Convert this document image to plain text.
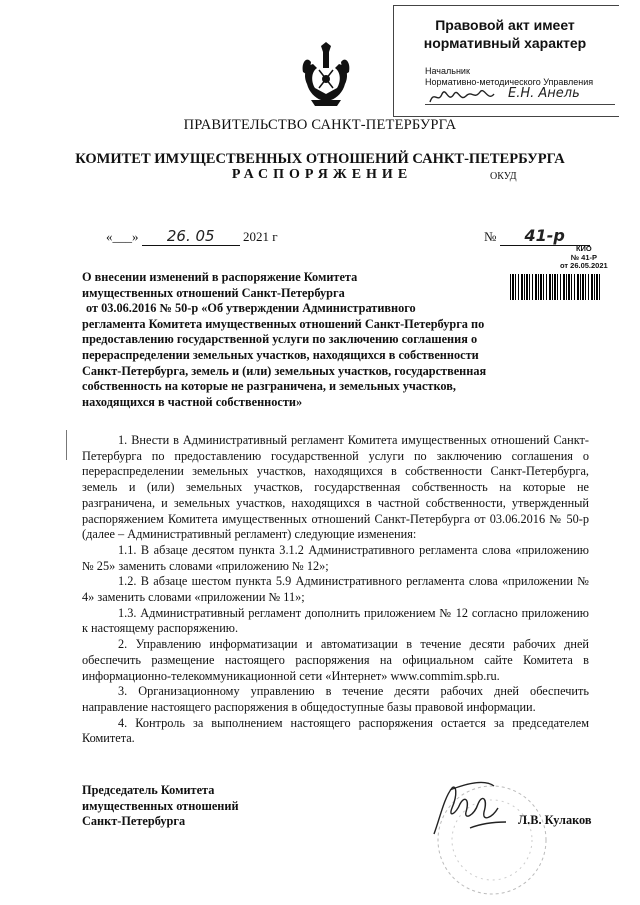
Правовой акт имеет
нормативный характер
Начальник
Нормативно-методического Управления
Е.Н. Анель
ПРАВИТЕЛЬСТВО САНКТ-ПЕТЕРБУРГА
КОМИТЕТ ИМУЩЕСТВЕННЫХ ОТНОШЕНИЙ САНКТ-ПЕТЕРБУРГА
РАСПОРЯЖЕНИЕ	ОКУД
«___» 26. 05 2021 г	№ 41-р
КИО
№ 41-Р
от 26.05.2021
О внесении изменений в распоряжение Комитета
имущественных отношений Санкт-Петербурга
от 03.06.2016 № 50-р «Об утверждении Административного
регламента Комитета имущественных отношений Санкт-Петербурга по
предоставлению государственной услуги по заключению соглашения о
перераспределении земельных участков, находящихся в собственности
Санкт-Петербурга, земель и (или) земельных участков, государственная
собственность на которые не разграничена, и земельных участков,
находящихся в частной собственности»

1. Внести в Административный регламент Комитета имущественных отношений Санкт-Петербурга по предоставлению государственной услуги по заключению соглашения о перераспределении земельных участков, находящихся в собственности Санкт-Петербурга, земель и (или) земельных участков, государственная собственность на которые не разграничена, и земельных участков, находящихся в частной собственности, утвержденный распоряжением Комитета имущественных отношений Санкт-Петербурга от 03.06.2016 № 50-р (далее – Административный регламент) следующие изменения:

1.1. В абзаце десятом пункта 3.1.2 Административного регламента слова «приложению № 25» заменить словами «приложению № 12»;

1.2. В абзаце шестом пункта 5.9 Административного регламента слова «приложении № 4» заменить словами «приложении № 11»;

1.3. Административный регламент дополнить приложением № 12 согласно приложению к настоящему распоряжению.

2. Управлению информатизации и автоматизации в течение десяти рабочих дней обеспечить размещение настоящего распоряжения на официальном сайте Комитета в информационно-телекоммуникационной сети «Интернет» www.commim.spb.ru.

3. Организационному управлению в течение десяти рабочих дней обеспечить направление настоящего распоряжения в общедоступные базы правовой информации.

4. Контроль за выполнением настоящего распоряжения остается за председателем Комитета.

Председатель Комитета
имущественных отношений
Санкт-Петербурга	Л.В. Кулаков
